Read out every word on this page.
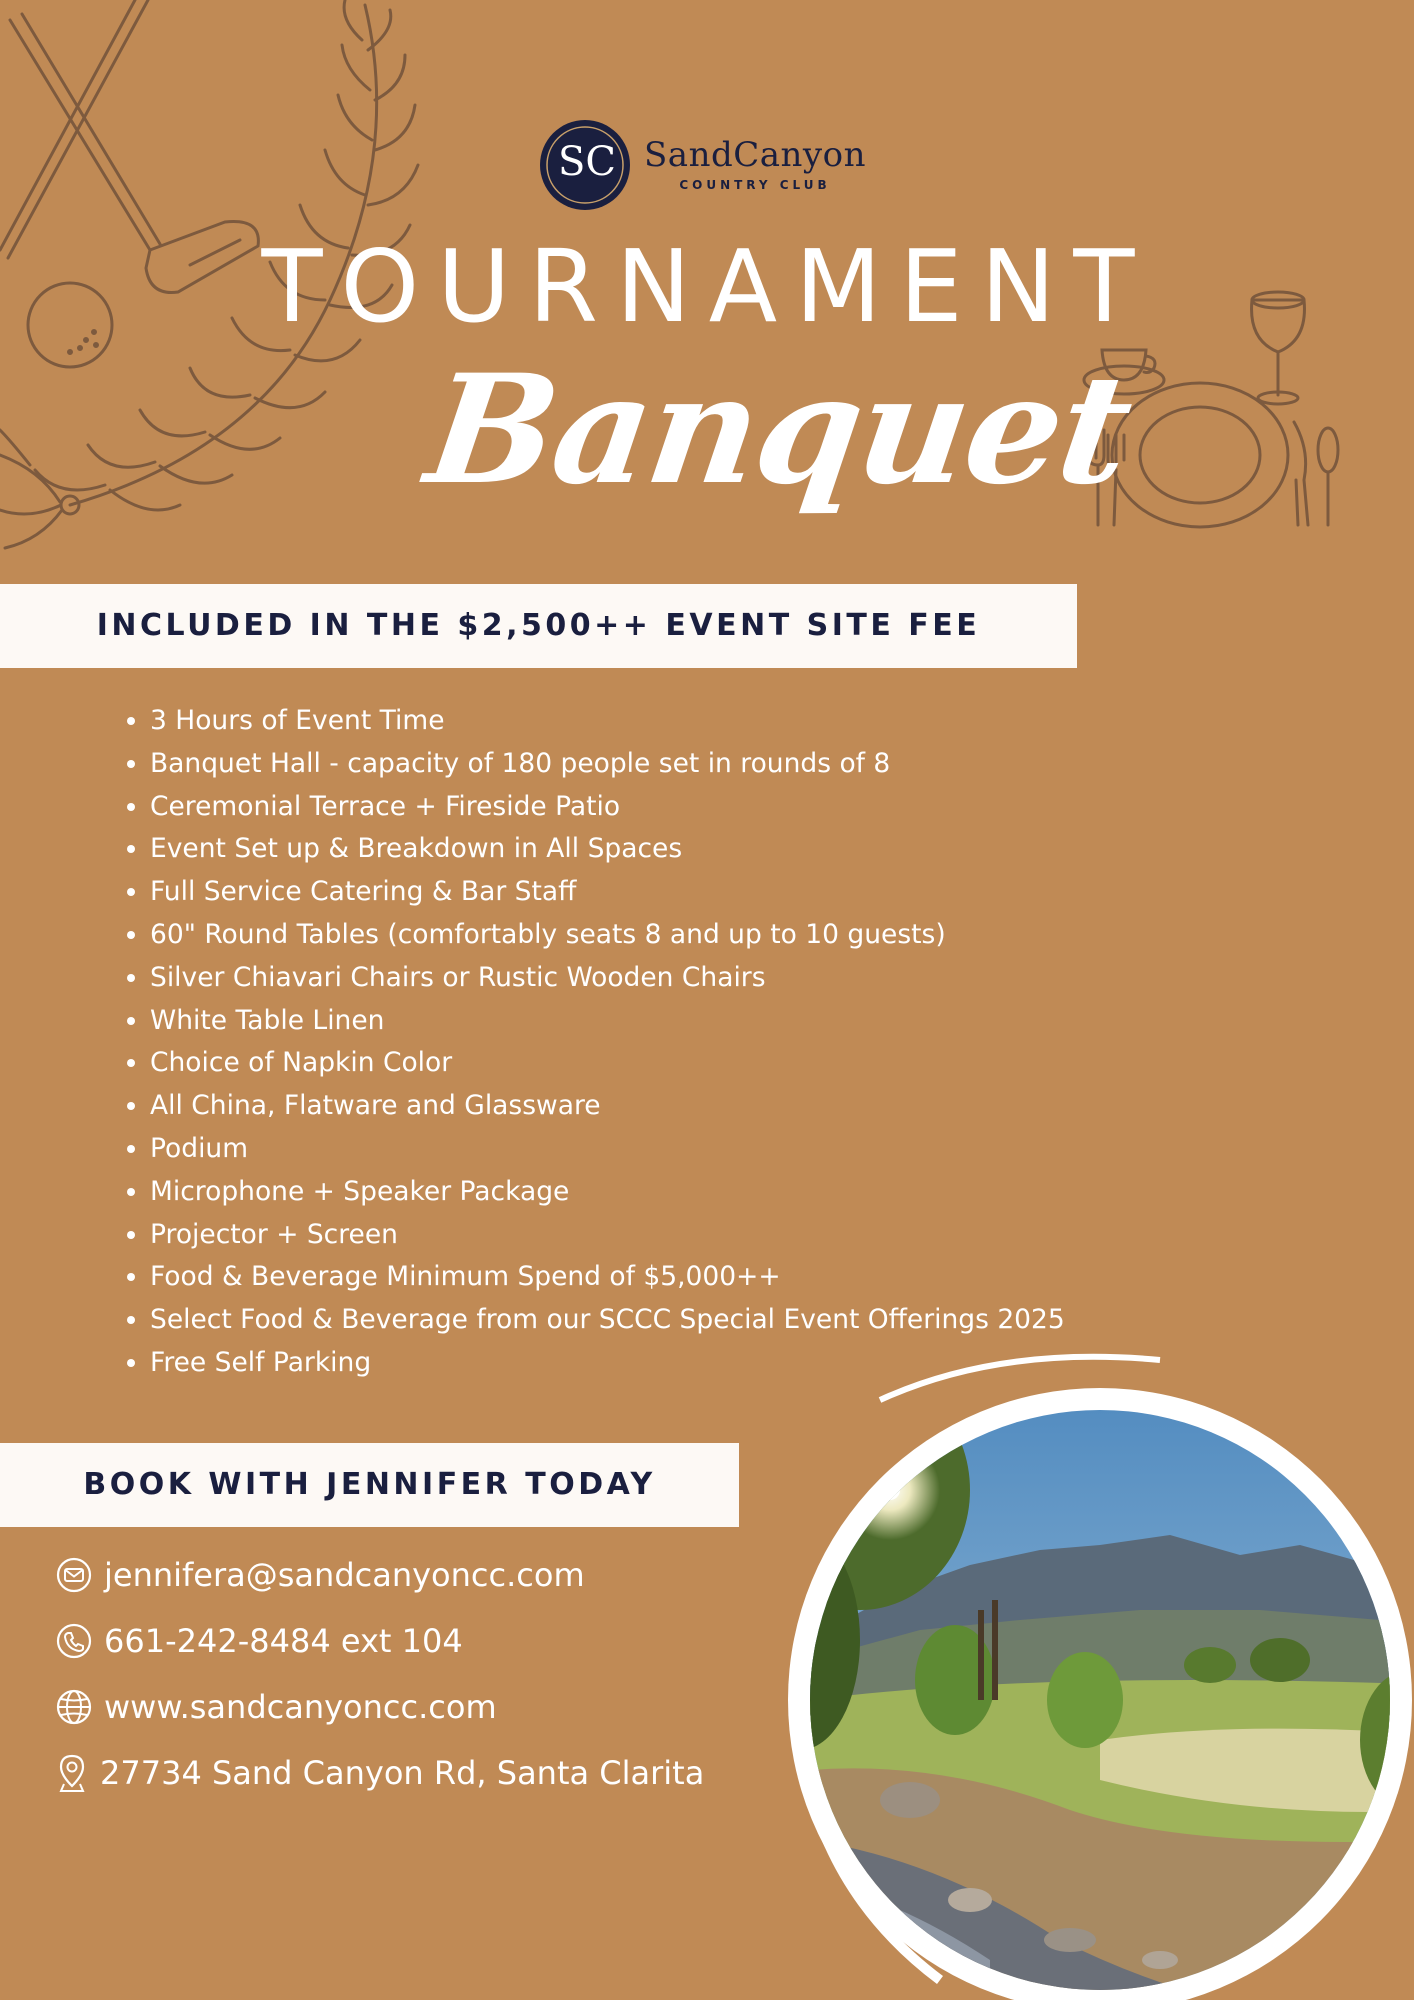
SC SandCanyon
COUNTRY CLUB
TOURNAMENT
Banquet
INCLUDED IN THE $2,500++ EVENT SITE FEE
• 3 Hours of Event Time
• Banquet Hall - capacity of 180 people set in rounds of 8
• Ceremonial Terrace + Fireside Patio
• Event Set up & Breakdown in All Spaces
• Full Service Catering & Bar Staff
• 60" Round Tables (comfortably seats 8 and up to 10 guests)
• Silver Chiavari Chairs or Rustic Wooden Chairs
• White Table Linen
• Choice of Napkin Color
• All China, Flatware and Glassware
• Podium
• Microphone + Speaker Package
• Projector + Screen
• Food & Beverage Minimum Spend of $5,000++
• Select Food & Beverage from our SCCC Special Event Offerings 2025
• Free Self Parking
BOOK WITH JENNIFER TODAY
jennifera@sandcanyoncc.com
661-242-8484 ext 104
www.sandcanyoncc.com
27734 Sand Canyon Rd, Santa Clarita
